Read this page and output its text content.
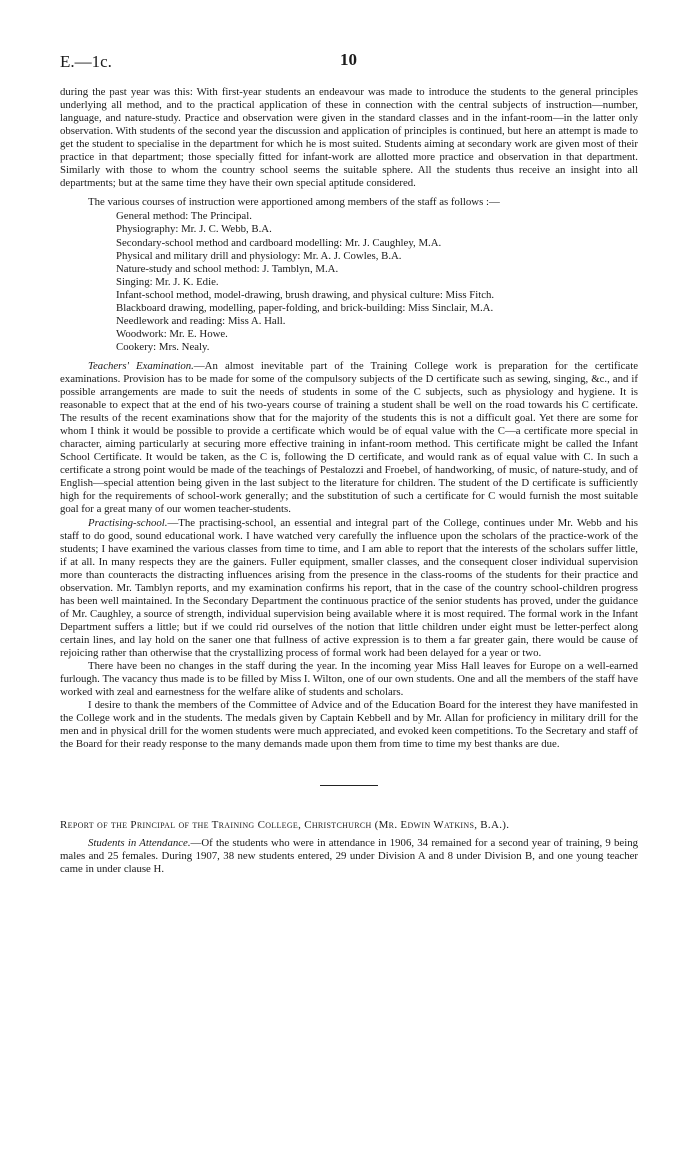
E.—1c.	10

during the past year was this: With first-year students an endeavour was made to introduce the students to the general principles underlying all method, and to the practical application of these in connection with the central subjects of instruction—number, language, and nature-study. Practice and observation were given in the standard classes and in the infant-room—in the latter only observation. With students of the second year the discussion and application of principles is continued, but here an attempt is made to get the student to specialise in the department for which he is most suited. Students aiming at secondary work are given most of their practice in that department; those specially fitted for infant-work are allotted more practice and observation in that department. Similarly with those to whom the country school seems the suitable sphere. All the students thus receive an insight into all departments; but at the same time they have their own special aptitude considered.

The various courses of instruction were apportioned among members of the staff as follows :—

General method: The Principal.
Physiography: Mr. J. C. Webb, B.A.
Secondary-school method and cardboard modelling: Mr. J. Caughley, M.A.
Physical and military drill and physiology: Mr. A. J. Cowles, B.A.
Nature-study and school method: J. Tamblyn, M.A.
Singing: Mr. J. K. Edie.
Infant-school method, model-drawing, brush drawing, and physical culture: Miss Fitch.
Blackboard drawing, modelling, paper-folding, and brick-building: Miss Sinclair, M.A.
Needlework and reading: Miss A. Hall.
Woodwork: Mr. E. Howe.
Cookery: Mrs. Nealy.

Teachers' Examination.—An almost inevitable part of the Training College work is preparation for the certificate examinations. Provision has to be made for some of the compulsory subjects of the D certificate such as sewing, singing, &c., and if possible arrangements are made to suit the needs of students in some of the C subjects, such as physiology and hygiene. It is reasonable to expect that at the end of his two-years course of training a student shall be well on the road towards his C certificate. The results of the recent examinations show that for the majority of the students this is not a difficult goal. Yet there are some for whom I think it would be possible to provide a certificate which would be of equal value with the C—a certificate more special in character, aiming particularly at securing more effective training in infant-room method. This certificate might be called the Infant School Certificate. It would be taken, as the C is, following the D certificate, and would rank as of equal value with C. In such a certificate a strong point would be made of the teachings of Pestalozzi and Froebel, of handworking, of music, of nature-study, and of English—special attention being given in the last subject to the literature for children. The student of the D certificate is sufficiently high for the requirements of school-work generally; and the substitution of such a certificate for C would furnish the most suitable goal for a great many of our women teacher-students.

Practising-school.—The practising-school, an essential and integral part of the College, continues under Mr. Webb and his staff to do good, sound educational work. I have watched very carefully the influence upon the scholars of the practice-work of the students; I have examined the various classes from time to time, and I am able to report that the interests of the scholars suffer little, if at all. In many respects they are the gainers. Fuller equipment, smaller classes, and the consequent closer individual supervision more than counteracts the distracting influences arising from the presence in the class-rooms of the students for their practice and observation. Mr. Tamblyn reports, and my examination confirms his report, that in the case of the country school-children progress has been well maintained. In the Secondary Department the continuous practice of the senior students has proved, under the guidance of Mr. Caughley, a source of strength, individual supervision being available where it is most required. The formal work in the Infant Department suffers a little; but if we could rid ourselves of the notion that little children under eight must be letter-perfect along certain lines, and lay hold on the saner one that fullness of active expression is to them a far greater gain, there would be cause of rejoicing rather than otherwise that the crystallizing process of formal work had been delayed for a year or two.

There have been no changes in the staff during the year. In the incoming year Miss Hall leaves for Europe on a well-earned furlough. The vacancy thus made is to be filled by Miss I. Wilton, one of our own students. One and all the members of the staff have worked with zeal and earnestness for the welfare alike of students and scholars.

I desire to thank the members of the Committee of Advice and of the Education Board for the interest they have manifested in the College work and in the students. The medals given by Captain Kebbell and by Mr. Allan for proficiency in military drill for the men and in physical drill for the women students were much appreciated, and evoked keen competitions. To the Secretary and staff of the Board for their ready response to the many demands made upon them from time to time my best thanks are due.

Report of the Principal of the Training College, Christchurch (Mr. Edwin Watkins, B.A.).

Students in Attendance.—Of the students who were in attendance in 1906, 34 remained for a second year of training, 9 being males and 25 females. During 1907, 38 new students entered, 29 under Division A and 8 under Division B, and one young teacher came in under clause H.
